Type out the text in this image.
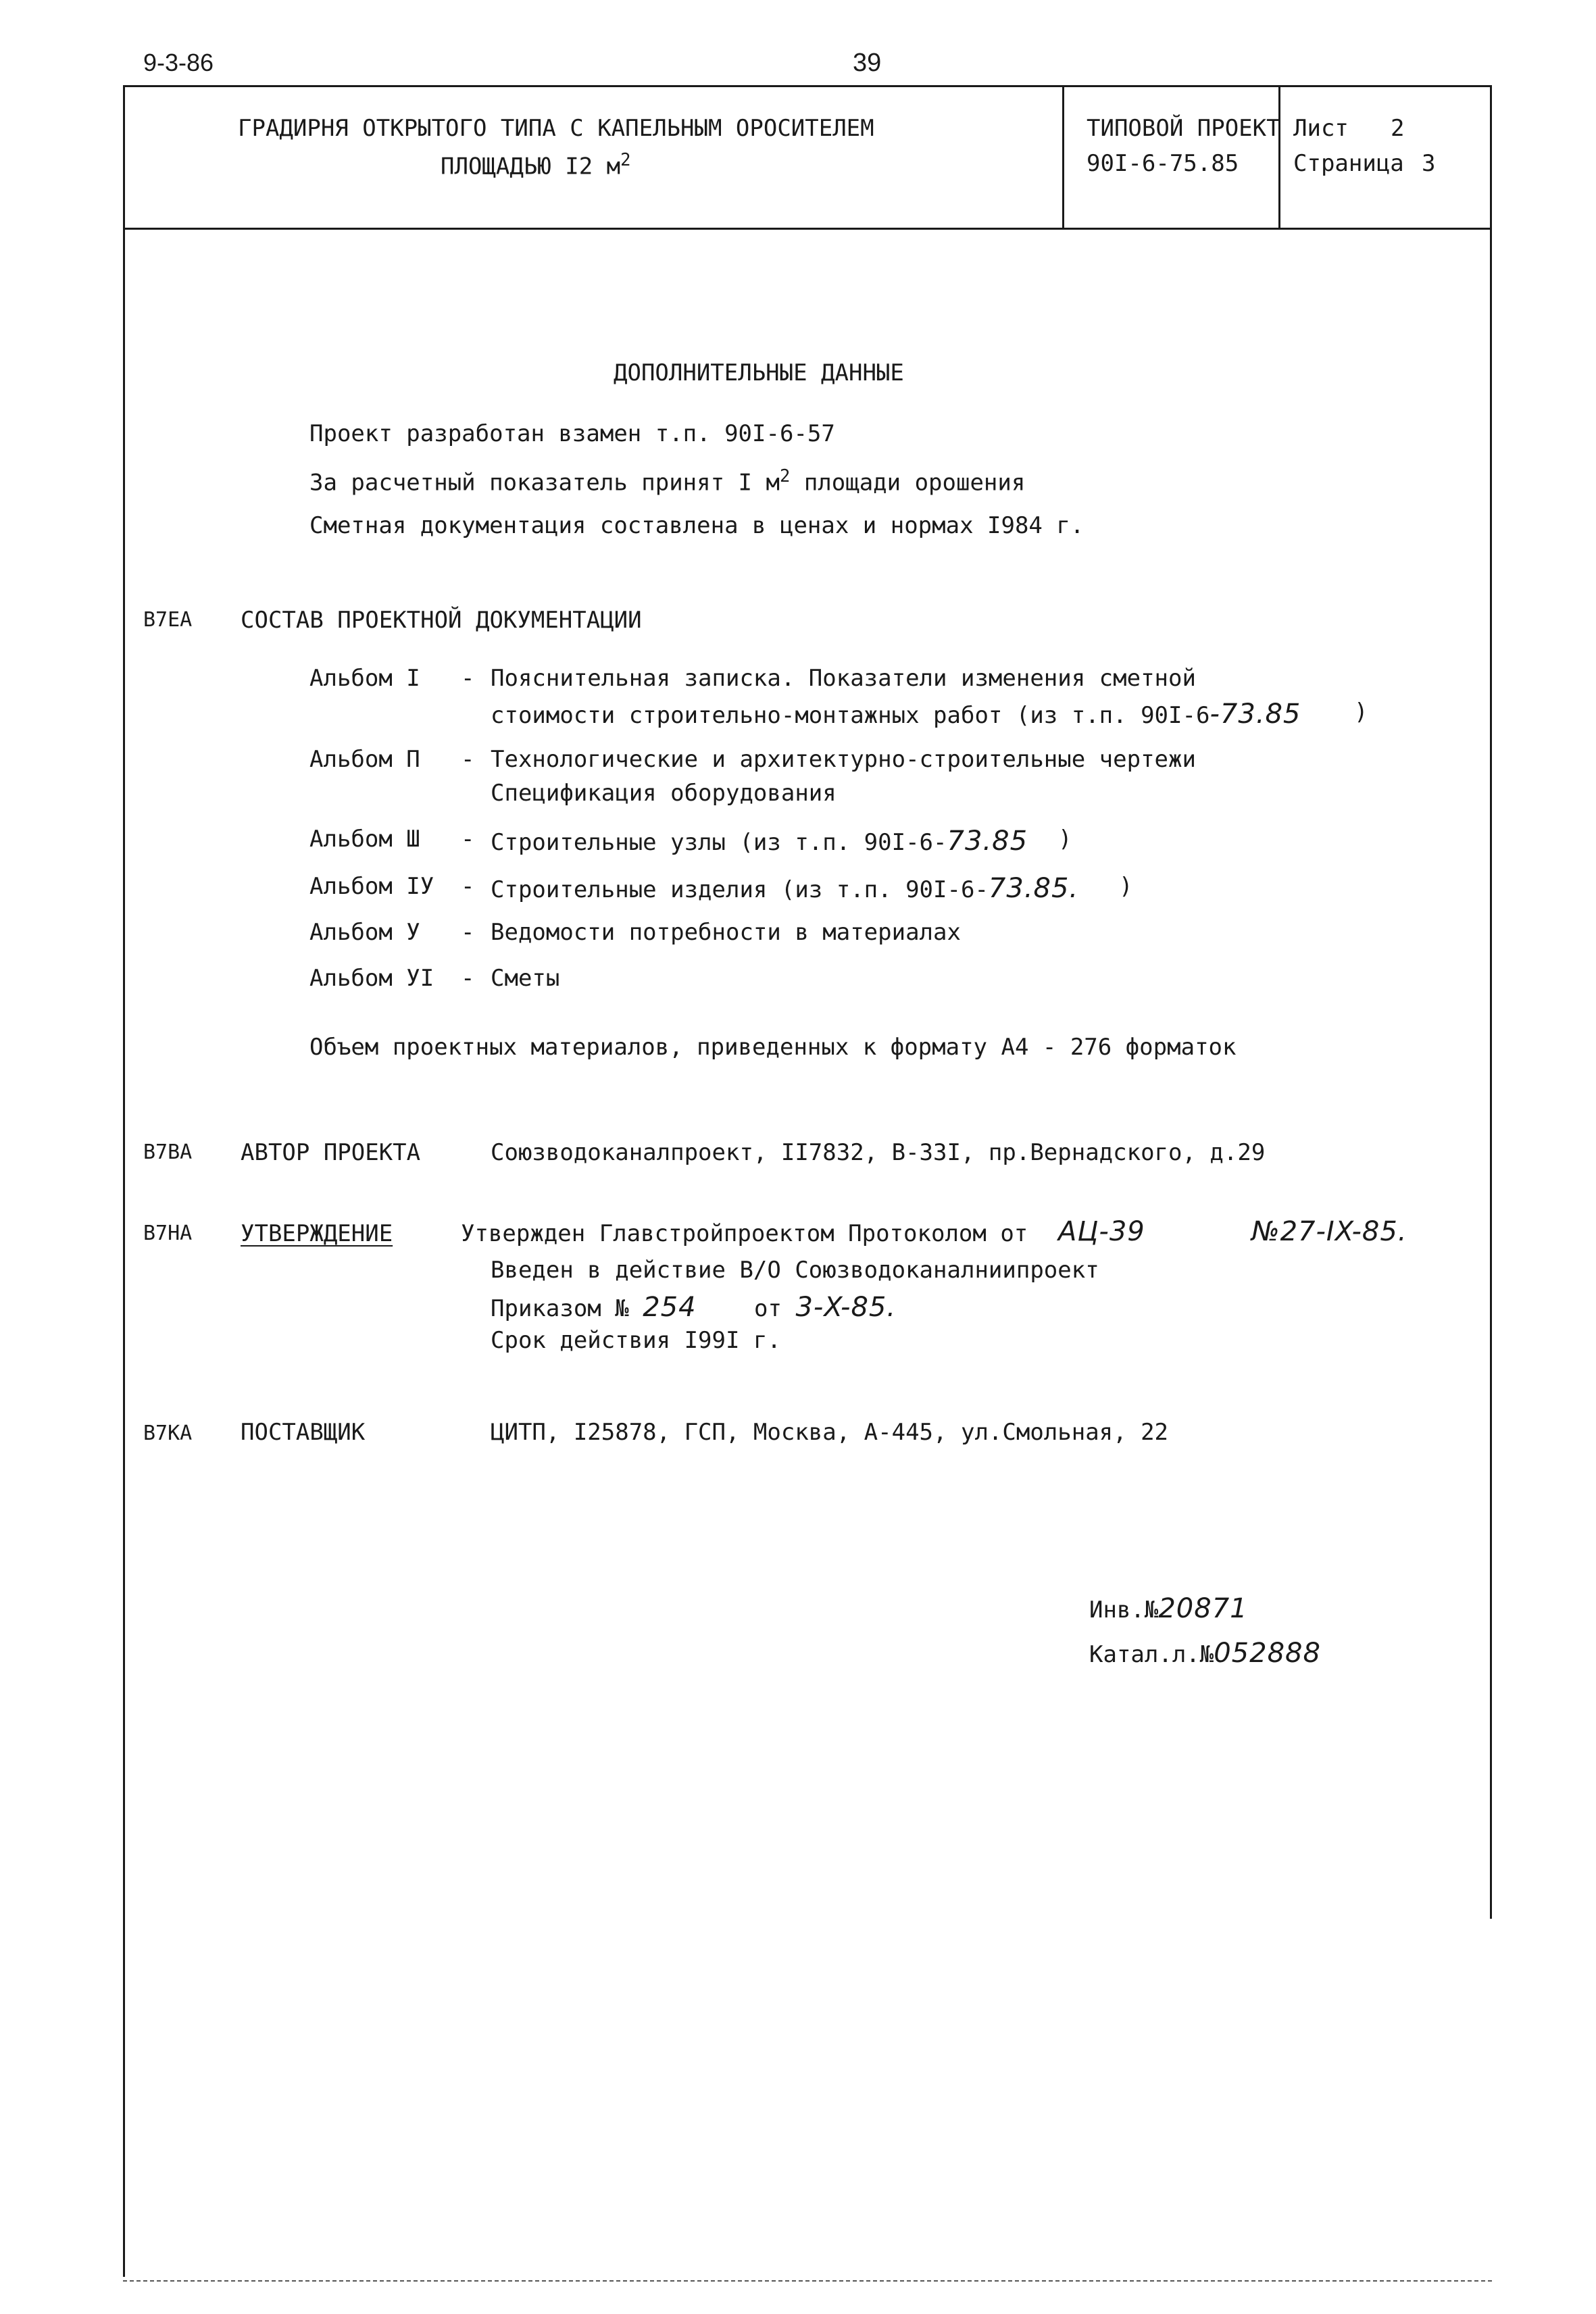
9-3-86	39
ГРАДИРНЯ ОТКРЫТОГО ТИПА С КАПЕЛЬНЫМ ОРОСИТЕЛЕМ
ПЛОЩАДЬЮ I2 $м^2$
ТИПОВОЙ ПРОЕКТ
90I-6-75.85
Лист 2
Страница 3
ДОПОЛНИТЕЛЬНЫЕ ДАННЫЕ
Проект разработан взамен т.п. 90I-6-57
За расчетный показатель принят I $м^2$ площади орошения
Сметная документация составлена в ценах и нормах I984 г.
В7ЕА СОСТАВ ПРОЕКТНОЙ ДОКУМЕНТАЦИИ
Альбом I - Пояснительная записка. Показатели изменения сметной
стоимости строительно-монтажных работ (из т.п. 90I-6-73.85 )
Альбом П - Технологические и архитектурно-строительные чертежи
Спецификация оборудования
Альбом Ш - Строительные узлы (из т.п. 90I-6-73.85 )
Альбом IУ - Строительные изделия (из т.п. 90I-6-73.85. )
Альбом У - Ведомости потребности в материалах
Альбом УI - Сметы
Объем проектных материалов, приведенных к формату А4 - 276 форматок
В7ВА АВТОР ПРОЕКТА	Союзводоканалпроект, II7832, В-33I, пр.Вернадского, д.29
В7НА УТВЕРЖДЕНИЕ	Утвержден Главстройпроектом Протоколом от АЦ-39	№27-IX-85.
Введен в действие В/О Союзводоканалниипроект
Приказом № 254	от 3-X-85.
Срок действия I99I г.
В7КА ПОСТАВЩИК	ЦИТП, I25878, ГСП, Москва, А-445, ул.Смольная, 22
Инв.№20871
Катал.л.№052888
